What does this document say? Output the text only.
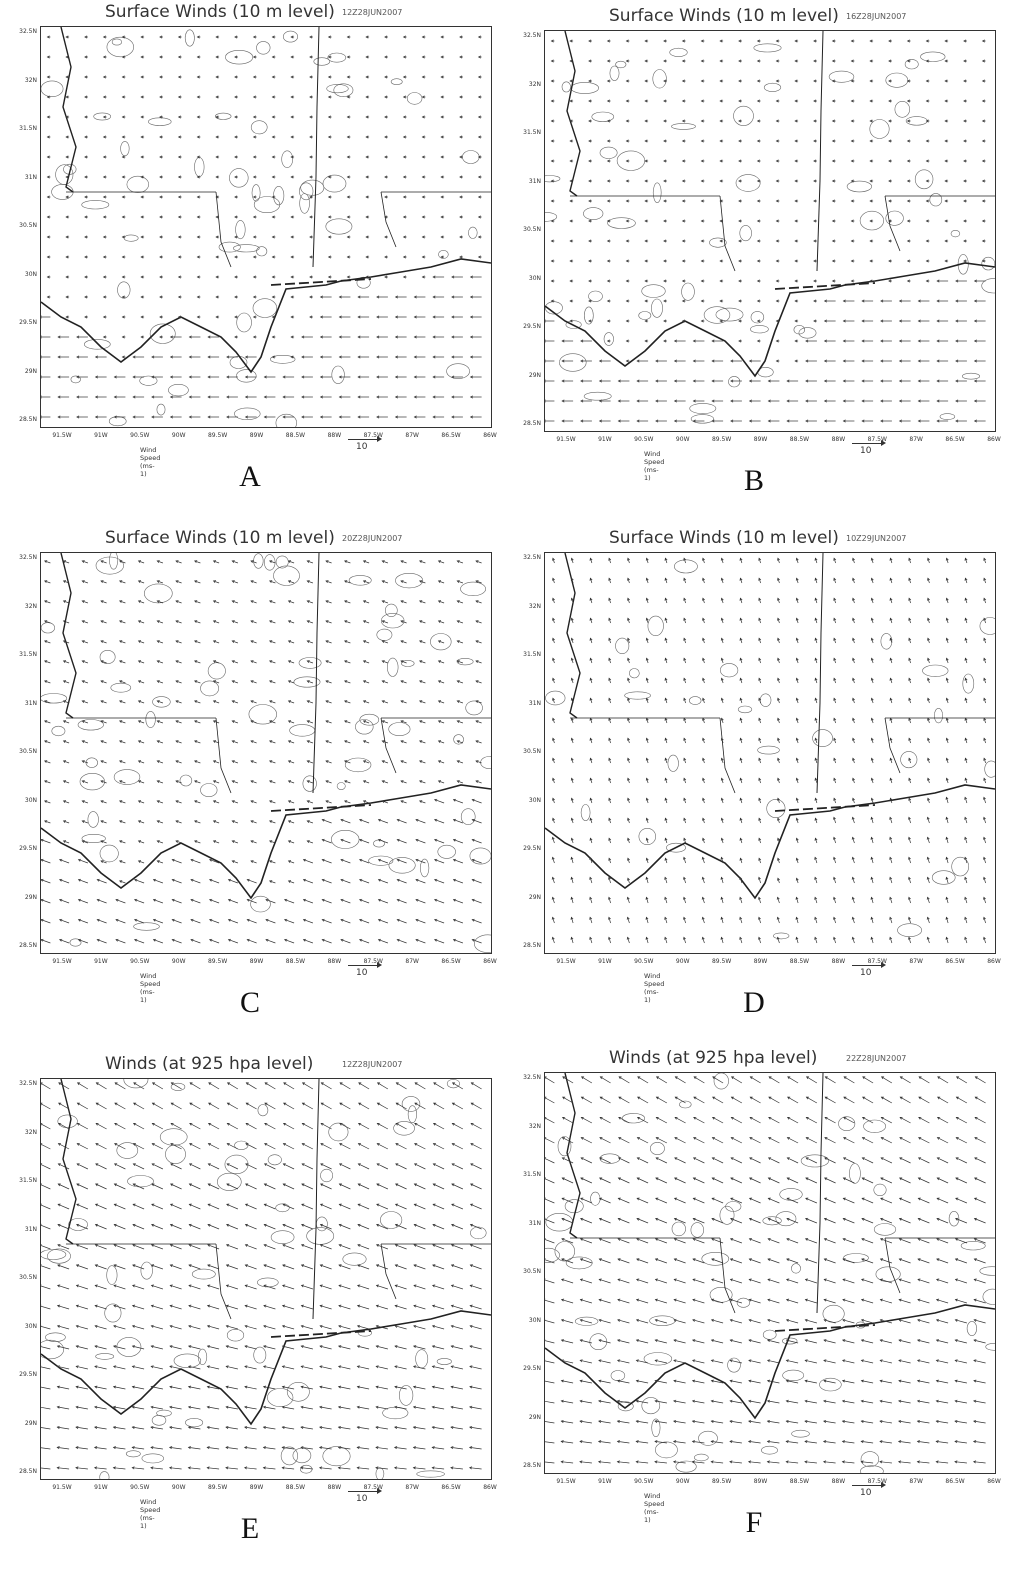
Surface Winds (10 m level) 12Z28JUN2007
32.5N
32N
31.5N
31N
30.5N
30N
29.5N
29N
28.5N
91.5W	91W	90.5W	90W	89.5W	89W	88.5W	88W	87.5W	87W	86.5W	86W
Wind Speed (ms-1)
10
A
Surface Winds (10 m level) 16Z28JUN2007
32.5N
32N
31.5N
31N
30.5N
30N
29.5N
29N
28.5N
91.5W	91W	90.5W	90W	89.5W	89W	88.5W	88W	87.5W	87W	86.5W	86W
Wind Speed (ms-1)
10
B
Surface Winds (10 m level) 20Z28JUN2007
32.5N
32N
31.5N
31N
30.5N
30N
29.5N
29N
28.5N
91.5W	91W	90.5W	90W	89.5W	89W	88.5W	88W	87.5W	87W	86.5W	86W
Wind Speed (ms-1)
10
C
Surface Winds (10 m level) 10Z29JUN2007
32.5N
32N
31.5N
31N
30.5N
30N
29.5N
29N
28.5N
91.5W	91W	90.5W	90W	89.5W	89W	88.5W	88W	87.5W	87W	86.5W	86W
Wind Speed (ms-1)
10
D
Winds (at 925 hpa level)	12Z28JUN2007
32.5N
32N
31.5N
31N
30.5N
30N
29.5N
29N
28.5N
91.5W	91W	90.5W	90W	89.5W	89W	88.5W	88W	87.5W	87W	86.5W	86W
Wind Speed (ms-1)
10
E
Winds (at 925 hpa level)	22Z28JUN2007
32.5N
32N
31.5N
31N
30.5N
30N
29.5N
29N
28.5N
91.5W	91W	90.5W	90W	89.5W	89W	88.5W	88W	87.5W	87W	86.5W	86W
Wind Speed (ms-1)
10
F
